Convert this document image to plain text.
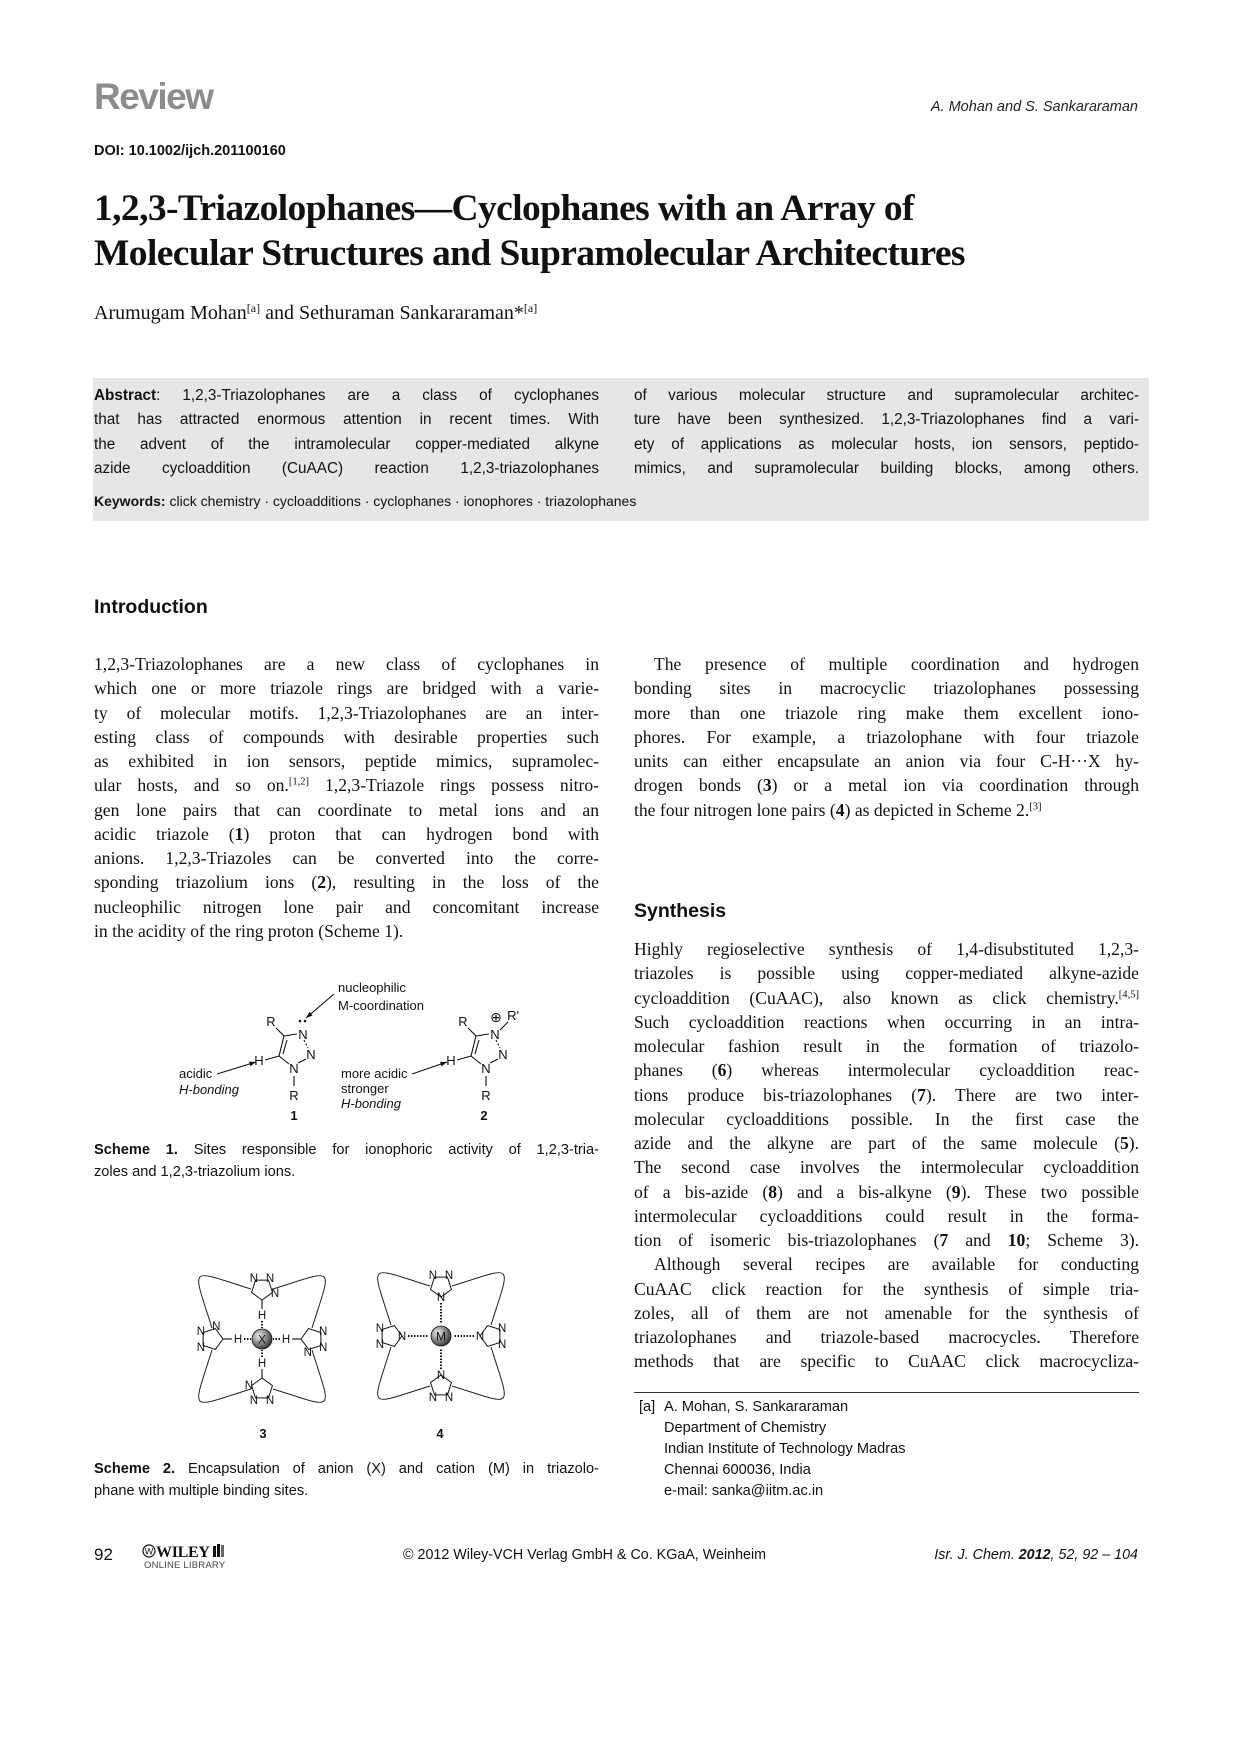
Review	A. Mohan and S. Sankararaman
DOI: 10.1002/ijch.201100160
1,2,3-Triazolophanes—Cyclophanes with an Array of
Molecular Structures and Supramolecular Architectures
Arumugam Mohan[a] and Sethuraman Sankararaman*[a]
Abstract: 1,2,3-Triazolophanes are a class of cyclophanes
that has attracted enormous attention in recent times. With
the advent of the intramolecular copper-mediated alkyne
azide cycloaddition (CuAAC) reaction 1,2,3-triazolophanes
of various molecular structure and supramolecular architec-
ture have been synthesized. 1,2,3-Triazolophanes find a vari-
ety of applications as molecular hosts, ion sensors, peptido-
mimics, and supramolecular building blocks, among others.
Keywords: click chemistry · cycloadditions · cyclophanes · ionophores · triazolophanes
Introduction
1,2,3-Triazolophanes are a new class of cyclophanes in
which one or more triazole rings are bridged with a varie-
ty of molecular motifs. 1,2,3-Triazolophanes are an inter-
esting class of compounds with desirable properties such
as exhibited in ion sensors, peptide mimics, supramolec-
ular hosts, and so on.[1,2] 1,2,3-Triazole rings possess nitro-
gen lone pairs that can coordinate to metal ions and an
acidic triazole (1) proton that can hydrogen bond with
anions. 1,2,3-Triazoles can be converted into the corre-
sponding triazolium ions (2), resulting in the loss of the
nucleophilic nitrogen lone pair and concomitant increase
in the acidity of the ring proton (Scheme 1).
The presence of multiple coordination and hydrogen
bonding sites in macrocyclic triazolophanes possessing
more than one triazole ring make them excellent iono-
phores. For example, a triazolophane with four triazole
units can either encapsulate an anion via four C-H···X hy-
drogen bonds (3) or a metal ion via coordination through
the four nitrogen lone pairs (4) as depicted in Scheme 2.[3]
Synthesis
Highly regioselective synthesis of 1,4-disubstituted 1,2,3-
triazoles is possible using copper-mediated alkyne-azide
cycloaddition (CuAAC), also known as click chemistry.[4,5]
Such cycloaddition reactions when occurring in an intra-
molecular fashion result in the formation of triazolo-
phanes (6) whereas intermolecular cycloaddition reac-
tions produce bis-triazolophanes (7). There are two inter-
molecular cycloadditions possible. In the first case the
azide and the alkyne are part of the same molecule (5).
The second case involves the intermolecular cycloaddition
of a bis-azide (8) and a bis-alkyne (9). These two possible
intermolecular cycloadditions could result in the forma-
tion of isomeric bis-triazolophanes (7 and 10; Scheme 3).
Although several recipes are available for conducting
CuAAC click reaction for the synthesis of simple tria-
zoles, all of them are not amenable for the synthesis of
triazolophanes and triazole-based macrocycles. Therefore
methods that are specific to CuAAC click macrocycliza-
N
N
N
R
H
R
N
N
N
R
H
R
⊕ R'
nucleophilic
M-coordination
acidic
H-bonding
more acidic
stronger
H-bonding
1	2
N N
N
H
N
N
N
H
N
N
N
H
N
N N
H X
N N
N
N
N
N
N
N
N
N
N
N M
3	4
Scheme 1. Sites responsible for ionophoric activity of 1,2,3-tria-
zoles and 1,2,3-triazolium ions.
Scheme 2. Encapsulation of anion (X) and cation (M) in triazolo-
phane with multiple binding sites.
[a] A. Mohan, S. Sankararaman
Department of Chemistry
Indian Institute of Technology Madras
Chennai 600036, India
e-mail: sanka@iitm.ac.in
92	W WILEY
ONLINE LIBRARY
© 2012 Wiley-VCH Verlag GmbH & Co. KGaA, Weinheim	Isr. J. Chem. 2012, 52, 92 – 104
